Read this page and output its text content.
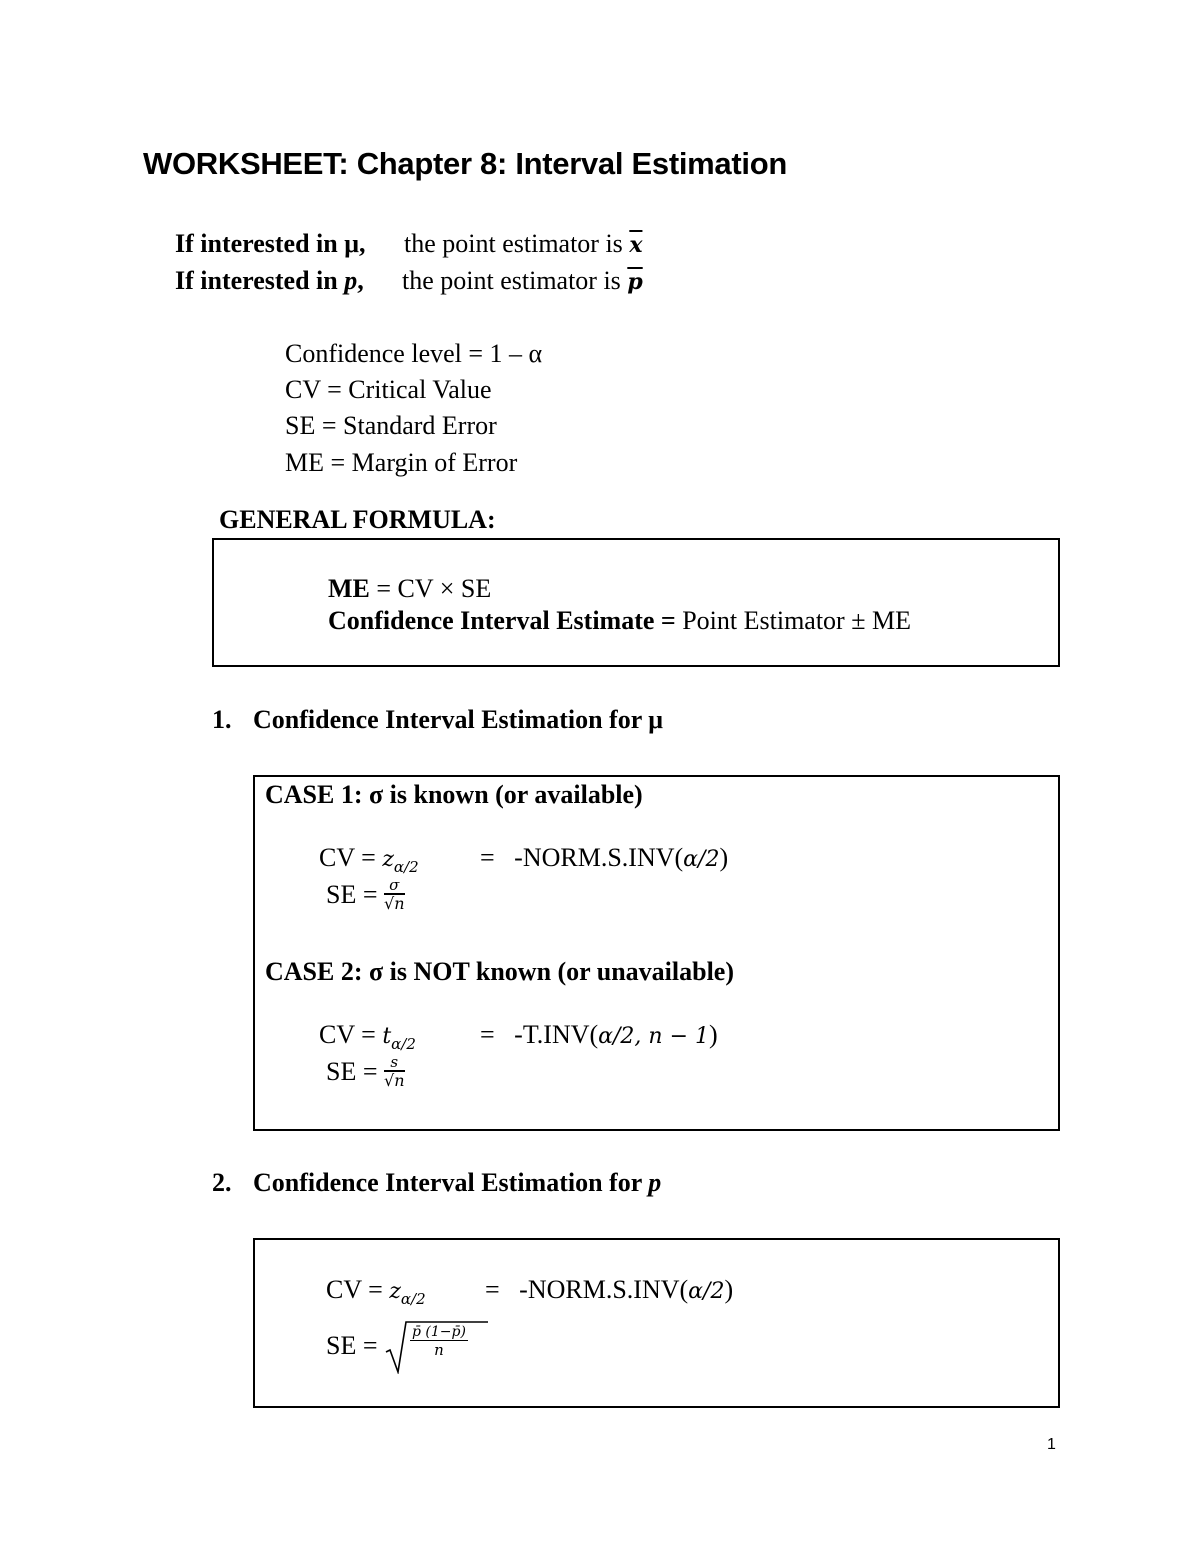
WORKSHEET: Chapter 8: Interval Estimation
If interested in μ, the point estimator is $\overline{x}$
If interested in p, the point estimator is $\overline{p}$
Confidence level = 1 – α
CV = Critical Value
SE = Standard Error
ME = Margin of Error
GENERAL FORMULA:
ME = CV × SE
Confidence Interval Estimate = Point Estimator ± ME
1. Confidence Interval Estimation for μ
CASE 1: σ is known (or available)
CV = $z_{\alpha/2}$ = -NORM.S.INV(α/2)
SE = $\frac{\sigma}{√n}$
CASE 2: σ is NOT known (or unavailable)
CV = $t_{\alpha/2} = -T.INV(\alpha/2$, n − 1)
SE = $\frac{s}{√n}$
2. Confidence Interval Estimation for p
CV = $z_{\alpha/2}$ = -NORM.S.INV(α/2)
SE = $\frac{p̄ (1-p̄)}{n}$
1
